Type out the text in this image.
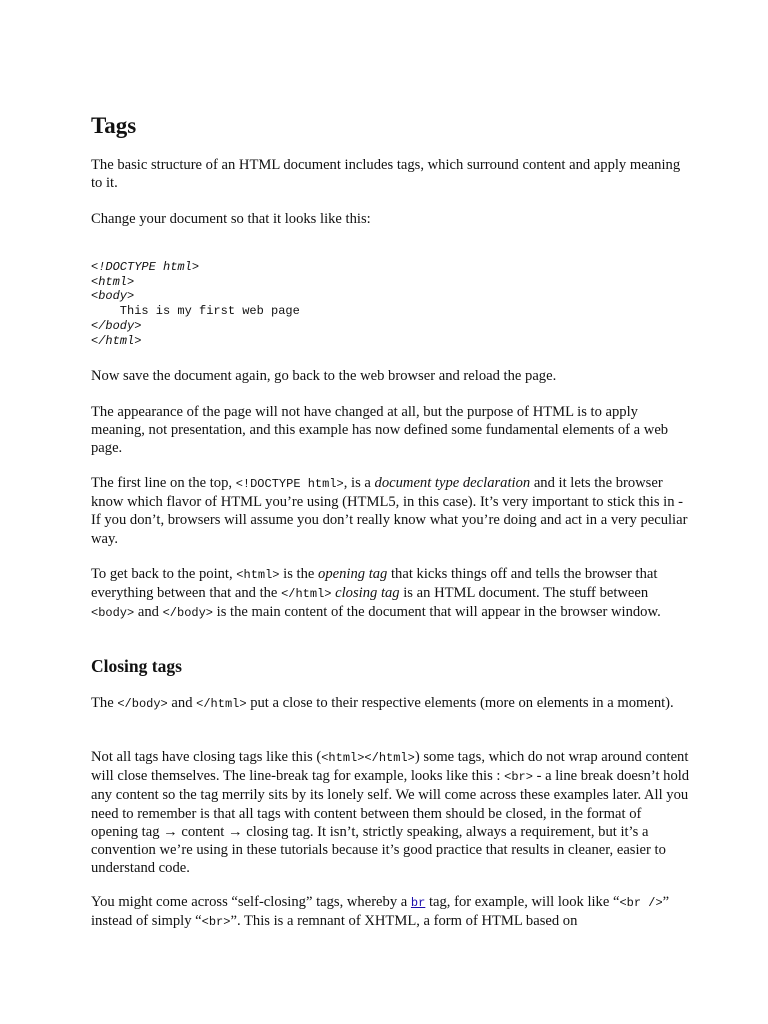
Tags

The basic structure of an HTML document includes tags, which surround content and apply meaning to it.

Change your document so that it looks like this:

<!DOCTYPE html>
<html>
<body>
This is my first web page
</body>
</html>

Now save the document again, go back to the web browser and reload the page.

The appearance of the page will not have changed at all, but the purpose of HTML is to apply meaning, not presentation, and this example has now defined some fundamental elements of a web page.

The first line on the top, <!DOCTYPE html>, is a document type declaration and it lets the browser know which flavor of HTML you’re using (HTML5, in this case). It’s very important to stick this in - If you don’t, browsers will assume you don’t really know what you’re doing and act in a very peculiar way.

To get back to the point, <html> is the opening tag that kicks things off and tells the browser that everything between that and the </html> closing tag is an HTML document. The stuff between <body> and </body> is the main content of the document that will appear in the browser window.

Closing tags

The </body> and </html> put a close to their respective elements (more on elements in a moment).

Not all tags have closing tags like this (<html></html>) some tags, which do not wrap around content will close themselves. The line-break tag for example, looks like this : <br> - a line break doesn’t hold any content so the tag merrily sits by its lonely self. We will come across these examples later. All you need to remember is that all tags with content between them should be closed, in the format of opening tag → content → closing tag. It isn’t, strictly speaking, always a requirement, but it’s a convention we’re using in these tutorials because it’s good practice that results in cleaner, easier to understand code.

You might come across “self-closing” tags, whereby a br tag, for example, will look like “<br />” instead of simply “<br>”. This is a remnant of XHTML, a form of HTML based on
